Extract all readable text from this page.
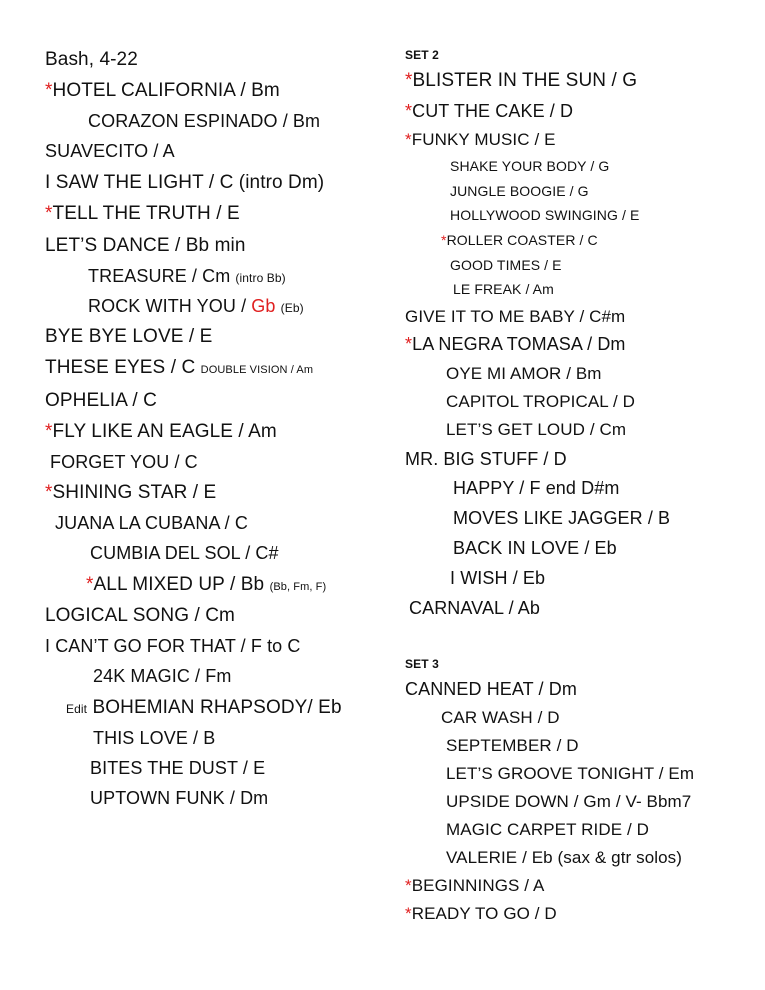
Bash, 4-22
*HOTEL CALIFORNIA / Bm
CORAZON ESPINADO / Bm
SUAVECITO / A
I SAW THE LIGHT / C (intro Dm)
*TELL THE TRUTH / E
LET’S DANCE / Bb min
TREASURE / Cm (intro Bb)
ROCK WITH YOU / Gb (Eb)
BYE BYE LOVE / E
THESE EYES / C DOUBLE VISION / Am
OPHELIA / C
*FLY LIKE AN EAGLE / Am
FORGET YOU / C
*SHINING STAR / E
JUANA LA CUBANA / C
CUMBIA DEL SOL / C#
*ALL MIXED UP / Bb (Bb, Fm, F)
LOGICAL SONG / Cm
I CAN’T GO FOR THAT / F to C
24K MAGIC / Fm
Edit BOHEMIAN RHAPSODY/ Eb
THIS LOVE / B
BITES THE DUST / E
UPTOWN FUNK / Dm
SET 2
*BLISTER IN THE SUN / G
*CUT THE CAKE / D
*FUNKY MUSIC / E
SHAKE YOUR BODY / G
JUNGLE BOOGIE / G
HOLLYWOOD SWINGING / E
*ROLLER COASTER / C
GOOD TIMES / E
LE FREAK / Am
GIVE IT TO ME BABY / C#m
*LA NEGRA TOMASA / Dm
OYE MI AMOR / Bm
CAPITOL TROPICAL / D
LET’S GET LOUD / Cm
MR. BIG STUFF / D
HAPPY / F end D#m
MOVES LIKE JAGGER / B
BACK IN LOVE / Eb
I WISH / Eb
CARNAVAL / Ab
SET 3
CANNED HEAT / Dm
CAR WASH / D
SEPTEMBER / D
LET’S GROOVE TONIGHT / Em
UPSIDE DOWN / Gm / V- Bbm7
MAGIC CARPET RIDE / D
VALERIE / Eb (sax & gtr solos)
*BEGINNINGS / A
*READY TO GO / D
